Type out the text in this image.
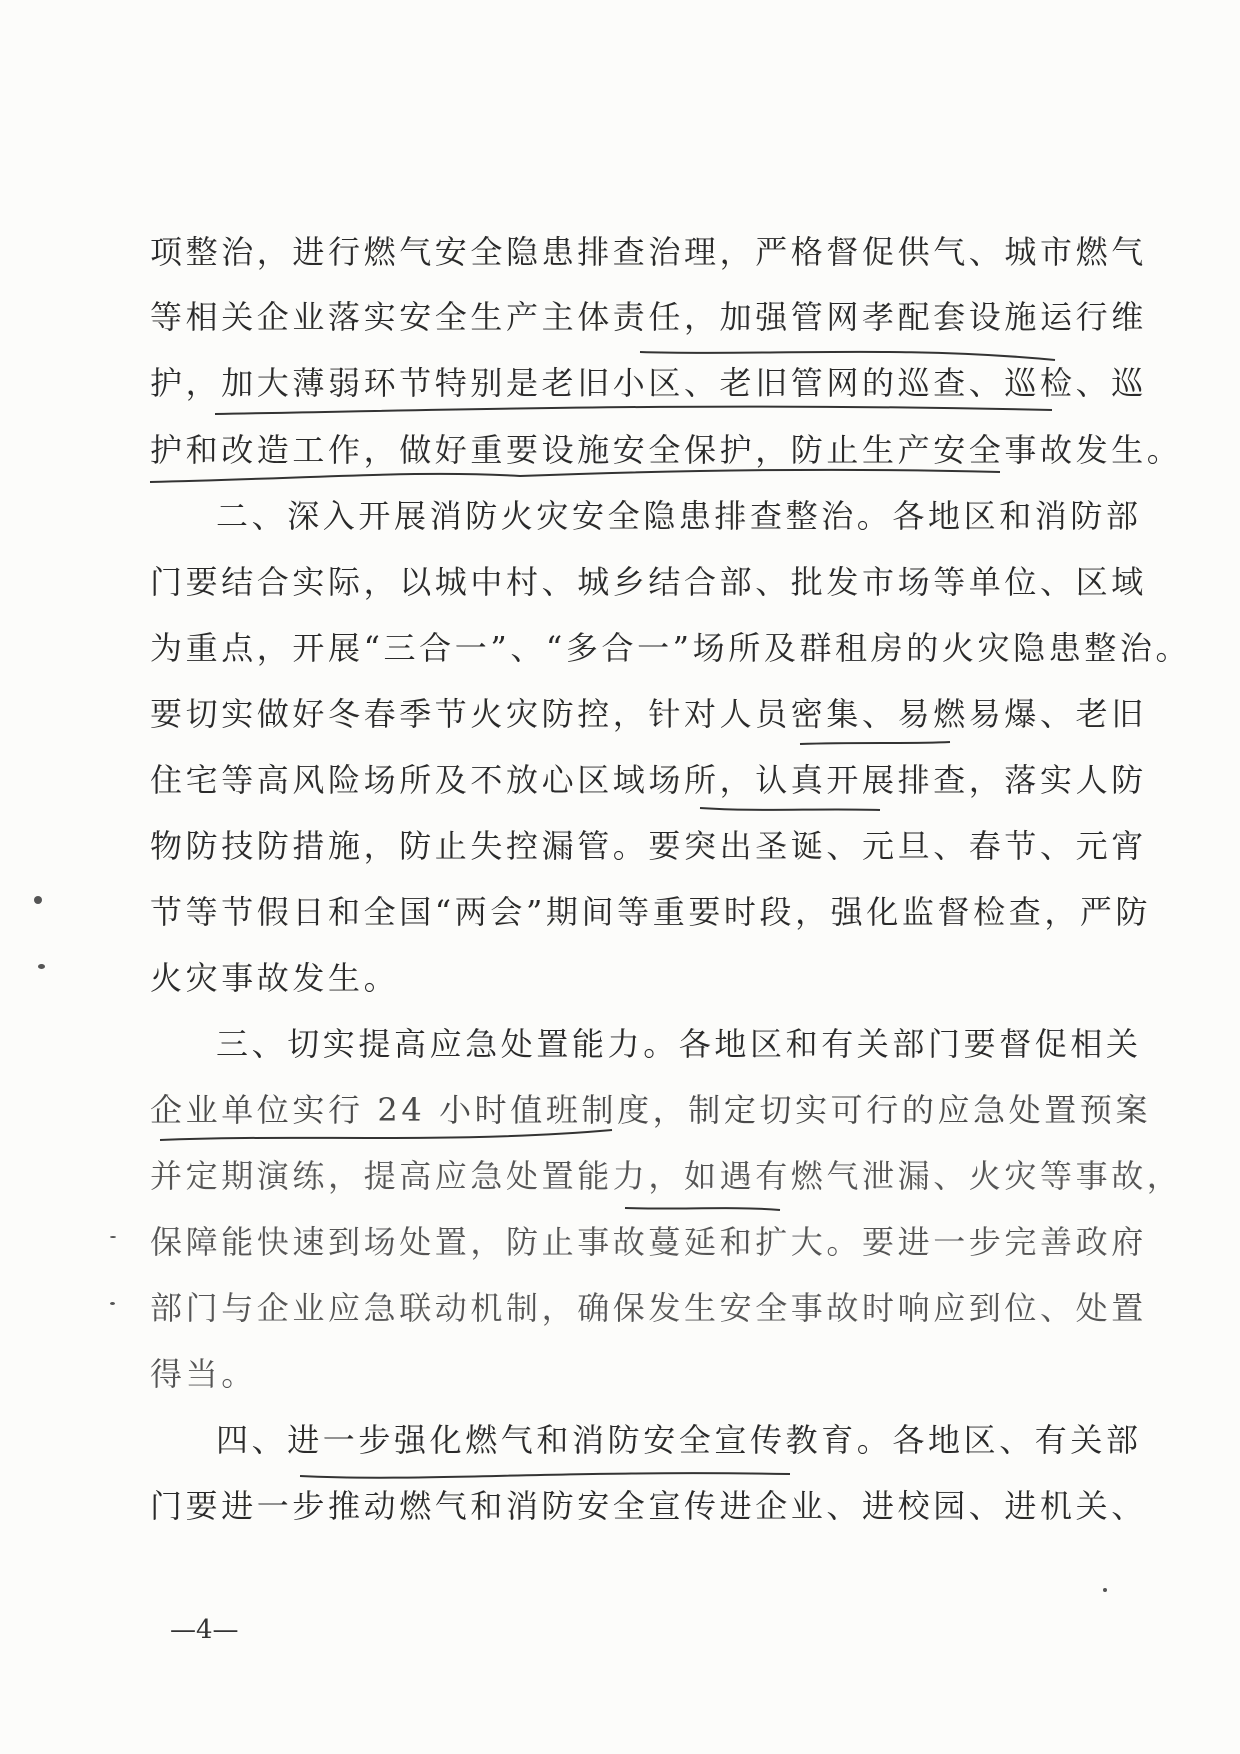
项整治，进行燃气安全隐患排查治理，严格督促供气、城市燃气
等相关企业落实安全生产主体责任，加强管网孝配套设施运行维
护，加大薄弱环节特别是老旧小区、老旧管网的巡查、巡检、巡
护和改造工作，做好重要设施安全保护，防止生产安全事故发生。
二、深入开展消防火灾安全隐患排查整治。各地区和消防部
门要结合实际，以城中村、城乡结合部、批发市场等单位、区域
为重点，开展“三合一”、“多合一”场所及群租房的火灾隐患整治。
要切实做好冬春季节火灾防控，针对人员密集、易燃易爆、老旧
住宅等高风险场所及不放心区域场所，认真开展排查，落实人防
物防技防措施，防止失控漏管。要突出圣诞、元旦、春节、元宵
节等节假日和全国“两会”期间等重要时段，强化监督检查，严防
火灾事故发生。
三、切实提高应急处置能力。各地区和有关部门要督促相关
企业单位实行 24 小时值班制度，制定切实可行的应急处置预案
并定期演练，提高应急处置能力，如遇有燃气泄漏、火灾等事故，
保障能快速到场处置，防止事故蔓延和扩大。要进一步完善政府
部门与企业应急联动机制，确保发生安全事故时响应到位、处置
得当。
四、进一步强化燃气和消防安全宣传教育。各地区、有关部
门要进一步推动燃气和消防安全宣传进企业、进校园、进机关、
—4—
